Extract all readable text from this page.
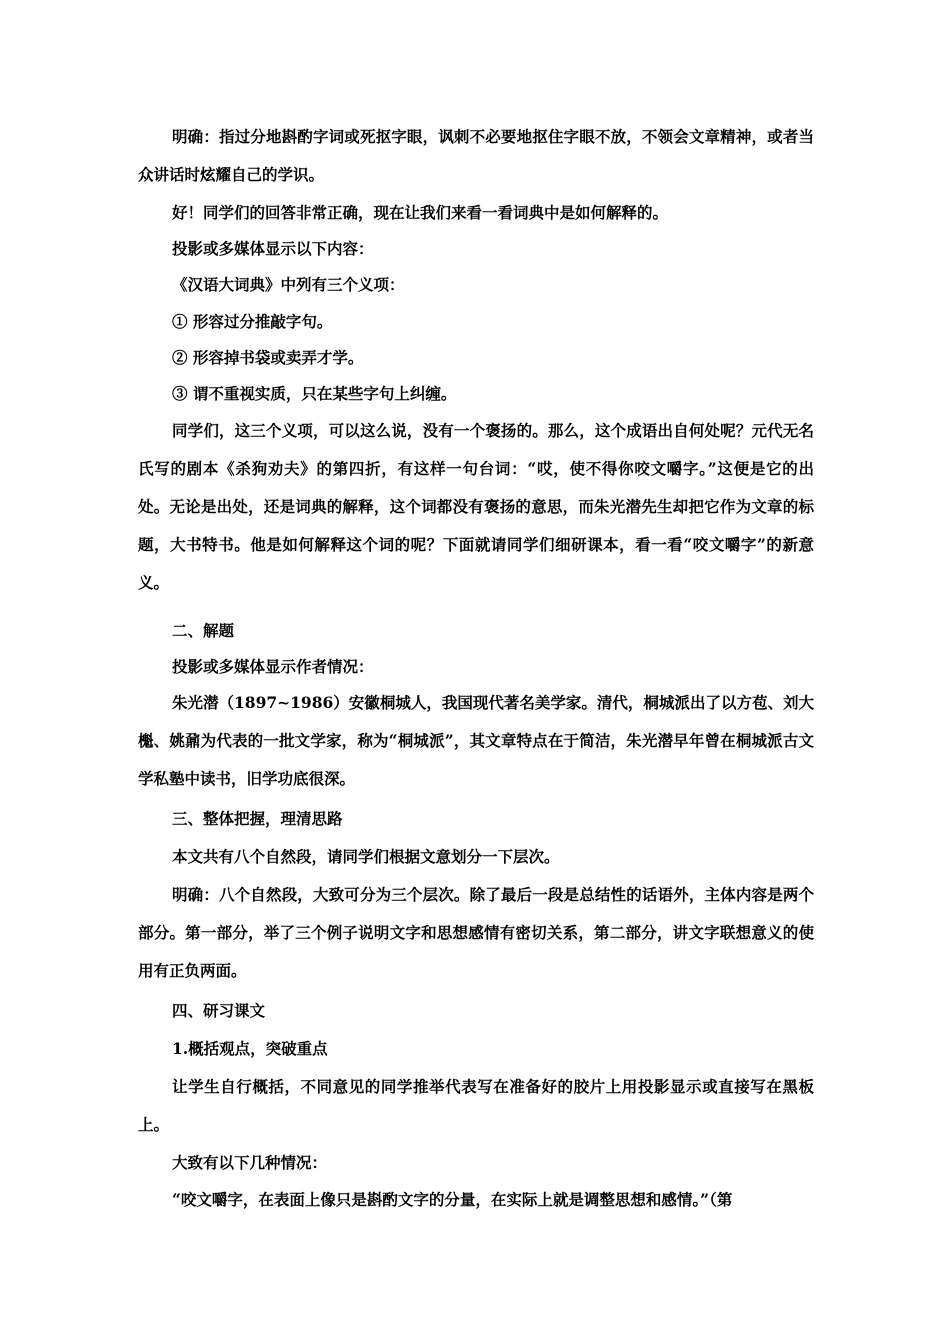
明确：指过分地斟酌字词或死抠字眼，讽刺不必要地抠住字眼不放，不领会文章精神，或者当众讲话时炫耀自己的学识。

好！同学们的回答非常正确，现在让我们来看一看词典中是如何解释的。

投影或多媒体显示以下内容：

《汉语大词典》中列有三个义项：

① 形容过分推敲字句。

② 形容掉书袋或卖弄才学。

③ 谓不重视实质，只在某些字句上纠缠。

同学们，这三个义项，可以这么说，没有一个褒扬的。那么，这个成语出自何处呢？元代无名氏写的剧本《杀狗劝夫》的第四折，有这样一句台词：“哎，使不得你咬文嚼字。”这便是它的出处。无论是出处，还是词典的解释，这个词都没有褒扬的意思，而朱光潜先生却把它作为文章的标题，大书特书。他是如何解释这个词的呢？下面就请同学们细研课本，看一看“咬文嚼字”的新意义。

二、解题

投影或多媒体显示作者情况：

朱光潜（1897~1986）安徽桐城人，我国现代著名美学家。清代，桐城派出了以方苞、刘大櫆、姚鼐为代表的一批文学家，称为“桐城派”，其文章特点在于简洁，朱光潜早年曾在桐城派古文学私塾中读书，旧学功底很深。

三、整体把握，理清思路

本文共有八个自然段，请同学们根据文意划分一下层次。

明确：八个自然段，大致可分为三个层次。除了最后一段是总结性的话语外，主体内容是两个部分。第一部分，举了三个例子说明文字和思想感情有密切关系，第二部分，讲文字联想意义的使用有正负两面。

四、研习课文

1.概括观点，突破重点

让学生自行概括，不同意见的同学推举代表写在准备好的胶片上用投影显示或直接写在黑板上。

大致有以下几种情况：

“咬文嚼字，在表面上像只是斟酌文字的分量，在实际上就是调整思想和感情。”（第
